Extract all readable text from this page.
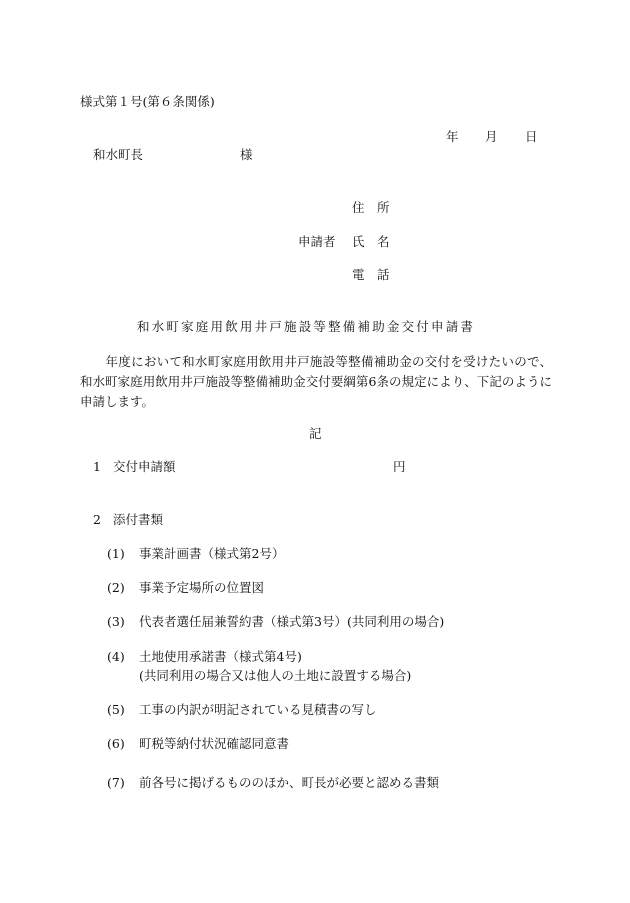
様式第１号(第６条関係)
年 月 日
和水町長	様
住　所
申請者 氏　名
電　話
和水町家庭用飲用井戸施設等整備補助金交付申請書
　　年度において和水町家庭用飲用井戸施設等整備補助金の交付を受けたいので、和水町家庭用飲用井戸施設等整備補助金交付要綱第6条の規定により、下記のように申請します。
記
1 交付申請額	円
2 添付書類
(1) 事業計画書（様式第2号）
(2) 事業予定場所の位置図
(3) 代表者選任届兼誓約書（様式第3号）(共同利用の場合)
(4) 土地使用承諾書（様式第4号)
(共同利用の場合又は他人の土地に設置する場合)
(5) 工事の内訳が明記されている見積書の写し
(6) 町税等納付状況確認同意書
(7) 前各号に掲げるもののほか、町長が必要と認める書類
